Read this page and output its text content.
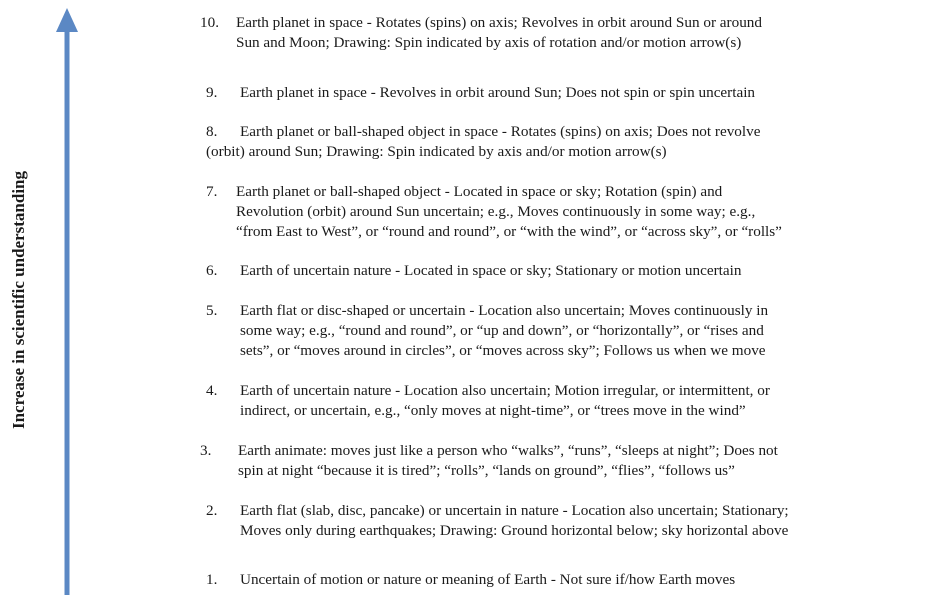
Increase in scientific understanding
10. Earth planet in space - Rotates (spins) on axis; Revolves in orbit around Sun or around
Sun and Moon; Drawing: Spin indicated by axis of rotation and/or motion arrow(s)
9. Earth planet in space - Revolves in orbit around Sun; Does not spin or spin uncertain
8. Earth planet or ball-shaped object in space - Rotates (spins) on axis; Does not revolve
(orbit) around Sun; Drawing: Spin indicated by axis and/or motion arrow(s)
7. Earth planet or ball-shaped object - Located in space or sky; Rotation (spin) and
Revolution (orbit) around Sun uncertain; e.g., Moves continuously in some way; e.g.,
“from East to West”, or “round and round”, or “with the wind”, or “across sky”, or “rolls”
6. Earth of uncertain nature - Located in space or sky; Stationary or motion uncertain
5. Earth flat or disc-shaped or uncertain - Location also uncertain; Moves continuously in
some way; e.g., “round and round”, or “up and down”, or “horizontally”, or “rises and
sets”, or “moves around in circles”, or “moves across sky”; Follows us when we move
4. Earth of uncertain nature - Location also uncertain; Motion irregular, or intermittent, or
indirect, or uncertain, e.g., “only moves at night-time”, or “trees move in the wind”
3. Earth animate: moves just like a person who “walks”, “runs”, “sleeps at night”; Does not
spin at night “because it is tired”; “rolls”, “lands on ground”, “flies”, “follows us”
2. Earth flat (slab, disc, pancake) or uncertain in nature - Location also uncertain; Stationary;
Moves only during earthquakes; Drawing: Ground horizontal below; sky horizontal above
1. Uncertain of motion or nature or meaning of Earth - Not sure if/how Earth moves
